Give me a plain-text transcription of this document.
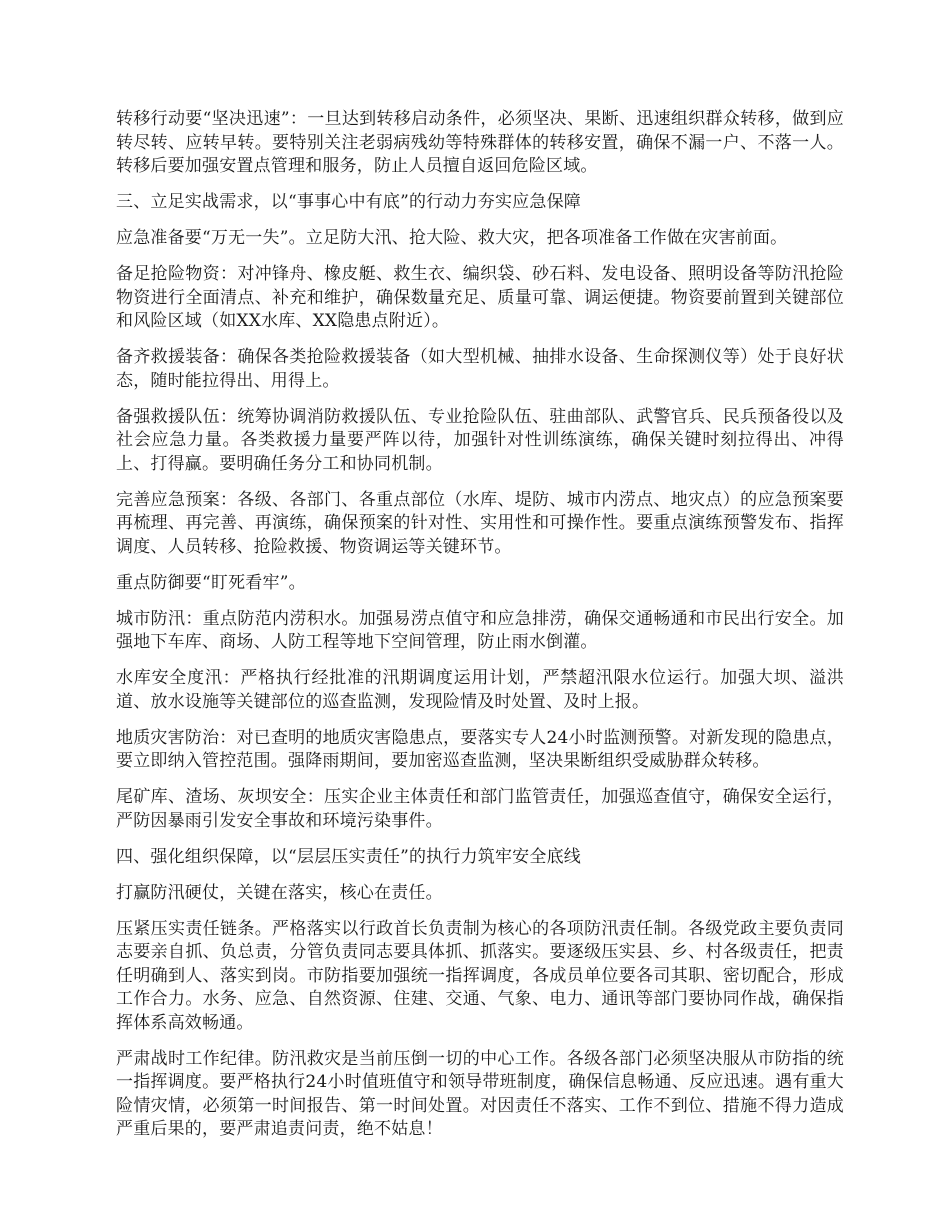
转移行动要“坚决迅速”：一旦达到转移启动条件，必须坚决、果断、迅速组织群众转移，做到应转尽转、应转早转。要特别关注老弱病残幼等特殊群体的转移安置，确保不漏一户、不落一人。转移后要加强安置点管理和服务，防止人员擅自返回危险区域。

三、立足实战需求，以“事事心中有底”的行动力夯实应急保障

应急准备要“万无一失”。立足防大汛、抢大险、救大灾，把各项准备工作做在灾害前面。

备足抢险物资：对冲锋舟、橡皮艇、救生衣、编织袋、砂石料、发电设备、照明设备等防汛抢险物资进行全面清点、补充和维护，确保数量充足、质量可靠、调运便捷。物资要前置到关键部位和风险区域（如XX水库、XX隐患点附近）。

备齐救援装备：确保各类抢险救援装备（如大型机械、抽排水设备、生命探测仪等）处于良好状态，随时能拉得出、用得上。

备强救援队伍：统筹协调消防救援队伍、专业抢险队伍、驻曲部队、武警官兵、民兵预备役以及社会应急力量。各类救援力量要严阵以待，加强针对性训练演练，确保关键时刻拉得出、冲得上、打得赢。要明确任务分工和协同机制。

完善应急预案：各级、各部门、各重点部位（水库、堤防、城市内涝点、地灾点）的应急预案要再梳理、再完善、再演练，确保预案的针对性、实用性和可操作性。要重点演练预警发布、指挥调度、人员转移、抢险救援、物资调运等关键环节。

重点防御要“盯死看牢”。

城市防汛：重点防范内涝积水。加强易涝点值守和应急排涝，确保交通畅通和市民出行安全。加强地下车库、商场、人防工程等地下空间管理，防止雨水倒灌。

水库安全度汛：严格执行经批准的汛期调度运用计划，严禁超汛限水位运行。加强大坝、溢洪道、放水设施等关键部位的巡查监测，发现险情及时处置、及时上报。

地质灾害防治：对已查明的地质灾害隐患点，要落实专人24小时监测预警。对新发现的隐患点，要立即纳入管控范围。强降雨期间，要加密巡查监测，坚决果断组织受威胁群众转移。

尾矿库、渣场、灰坝安全：压实企业主体责任和部门监管责任，加强巡查值守，确保安全运行，严防因暴雨引发安全事故和环境污染事件。

四、强化组织保障，以“层层压实责任”的执行力筑牢安全底线

打赢防汛硬仗，关键在落实，核心在责任。

压紧压实责任链条。严格落实以行政首长负责制为核心的各项防汛责任制。各级党政主要负责同志要亲自抓、负总责，分管负责同志要具体抓、抓落实。要逐级压实县、乡、村各级责任，把责任明确到人、落实到岗。市防指要加强统一指挥调度，各成员单位要各司其职、密切配合，形成工作合力。水务、应急、自然资源、住建、交通、气象、电力、通讯等部门要协同作战，确保指挥体系高效畅通。

严肃战时工作纪律。防汛救灾是当前压倒一切的中心工作。各级各部门必须坚决服从市防指的统一指挥调度。要严格执行24小时值班值守和领导带班制度，确保信息畅通、反应迅速。遇有重大险情灾情，必须第一时间报告、第一时间处置。对因责任不落实、工作不到位、措施不得力造成严重后果的，要严肃追责问责，绝不姑息！
